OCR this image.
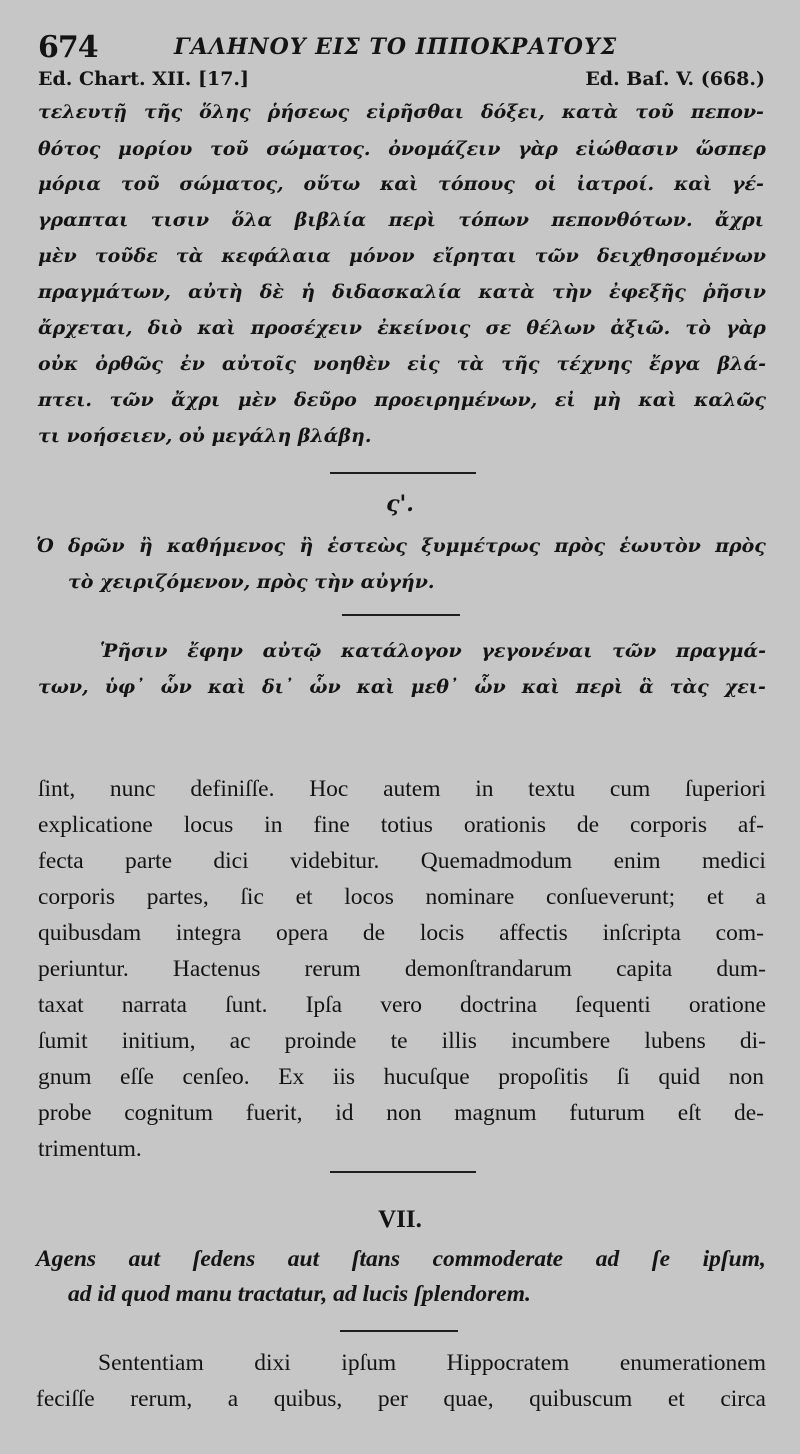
674	ΓΑΛΗΝΟΥ ΕΙΣ ΤΟ ΙΠΠΟΚΡΑΤΟΥΣ
Ed. Chart. XII. [17.]	Ed. Baſ. V. (668.)
τελευτῇ τῆς ὅλης ῥήσεως εἰρῆσθαι δόξει, κατὰ τοῦ πεπον-
θότος μορίου τοῦ σώματος. ὀνομάζειν γὰρ εἰώθασιν ὥσπερ
μόρια τοῦ σώματος, οὕτω καὶ τόπους οἱ ἰατροί. καὶ γέ-
γραπται τισιν ὅλα βιβλία περὶ τόπων πεπονθότων. ἄχρι
μὲν τοῦδε τὰ κεφάλαια μόνον εἴρηται τῶν δειχθησομένων
πραγμάτων, αὐτὴ δὲ ἡ διδασκαλία κατὰ τὴν ἐφεξῆς ῥῆσιν
ἄρχεται, διὸ καὶ προσέχειν ἐκείνοις σε θέλων ἀξιῶ. τὸ γὰρ
οὐκ ὀρθῶς ἐν αὐτοῖς νοηθὲν εἰς τὰ τῆς τέχνης ἔργα βλά-
πτει. τῶν ἄχρι μὲν δεῦρο προειρημένων, εἰ μὴ καὶ καλῶς
τι νοήσειεν, οὐ μεγάλη βλάβη.
ς'.
Ὁ δρῶν ἢ καθήμενος ἢ ἑστεὼς ξυμμέτρως πρὸς ἑωυτὸν πρὸς
τὸ χειριζόμενον, πρὸς τὴν αὐγήν.
Ῥῆσιν ἔφην αὐτῷ κατάλογον γεγονέναι τῶν πραγμά-
των, ὑφ᾽ ὧν καὶ δι᾽ ὧν καὶ μεθ᾽ ὧν καὶ περὶ ἃ τὰς χει-
ſint, nunc definiſſe. Hoc autem in textu cum ſuperiori
explicatione locus in fine totius orationis de corporis af-
fecta parte dici videbitur. Quemadmodum enim medici
corporis partes, ſic et locos nominare conſueverunt; et a
quibusdam integra opera de locis affectis inſcripta com-
periuntur. Hactenus rerum demonſtrandarum capita dum-
taxat narrata ſunt. Ipſa vero doctrina ſequenti oratione
ſumit initium, ac proinde te illis incumbere lubens di-
gnum eſſe cenſeo. Ex iis hucuſque propoſitis ſi quid non
probe cognitum fuerit, id non magnum futurum eſt de-
trimentum.
VII.
Agens aut ſedens aut ſtans commoderate ad ſe ipſum,
ad id quod manu tractatur, ad lucis ſplendorem.
Sententiam dixi ipſum Hippocratem enumerationem
feciſſe rerum, a quibus, per quae, quibuscum et circa
